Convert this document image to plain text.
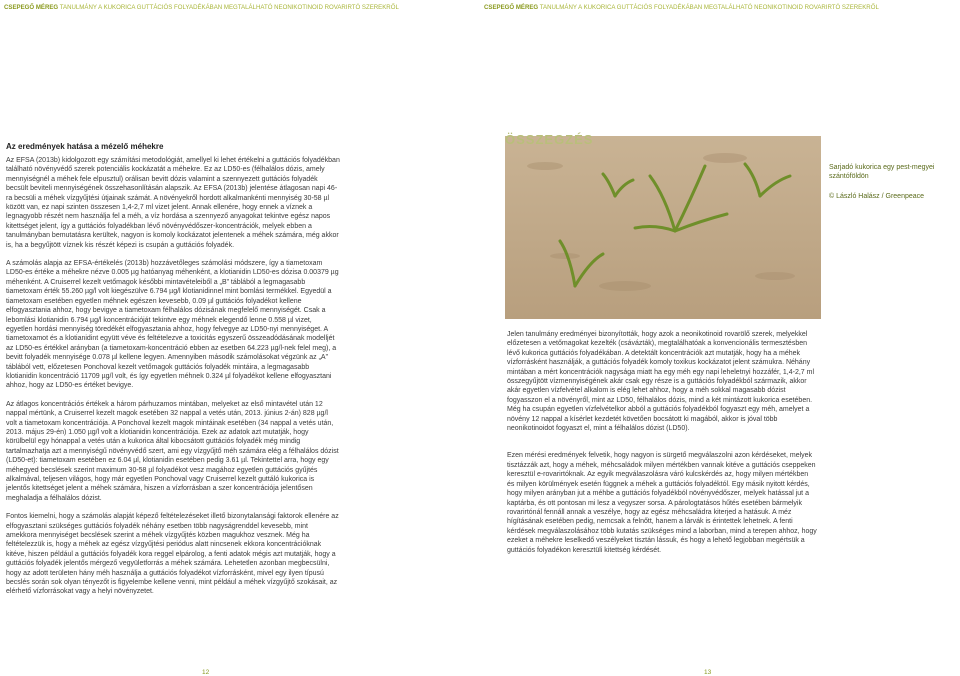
CSEPEGŐ MÉREG TANULMÁNY A KUKORICA GUTTÁCIÓS FOLYADÉKÁBAN MEGTALÁLHATÓ NEONIKOTINOID ROVARIRTÓ SZEREKRŐL	CSEPEGŐ MÉREG TANULMÁNY A KUKORICA GUTTÁCIÓS FOLYADÉKÁBAN MEGTALÁLHATÓ NEONIKOTINOID ROVARIRTÓ SZEREKRŐL
Az eredmények hatása a mézelő méhekre

Az EFSA (2013b) kidolgozott egy számítási metodológiát, amellyel ki lehet értékelni a guttációs folyadékban található növényvédő szerek potenciális kockázatát a méhekre. Ez az LD50-es (félhalálos dózis, amely mennyiségnél a méhek fele elpusztul) orálisan bevitt dózis valamint a szennyezett guttációs folyadék becsült beviteli mennyiségének összehasonlításán alapszik. Az EFSA (2013b) jelentése átlagosan napi 46-ra becsüli a méhek vízgyűjtési útjainak számát. A növényekről hordott alkalmankénti mennyiség 30-58 µl között van, ez napi szinten összesen 1,4-2,7 ml vizet jelent. Annak ellenére, hogy ennek a víznek a legnagyobb részét nem használja fel a méh, a víz hordása a szennyező anyagokat tekintve egész napos kitettséget jelent, így a guttációs folyadékban lévő növényvédőszer-koncentrációk, melyek ebben a tanulmányban bemutatásra kerültek, nagyon is komoly kockázatot jelentenek a méhek számára, még akkor is, ha a begyűjtött víznek kis részét képezi is csupán a guttációs folyadék.

A számolás alapja az EFSA-értékelés (2013b) hozzávetőleges számolási módszere, így a tiametoxam LD50-es értéke a méhekre nézve 0.005 µg hatóanyag méhenként, a klotianidin LD50-es dózisa 0.00379 µg méhenként. A Cruiserrel kezelt vetőmagok későbbi mintavételeiből a „B” táblából a legmagasabb tiametoxam érték 55.260 µg/l volt kiegészülve 6.794 µg/l klotianidinnel mint bomlási termékkel. Egyedül a tiametoxam esetében egyetlen méhnek egészen kevesebb, 0.09 µl guttációs folyadékot kellene elfogyasztania ahhoz, hogy bevigye a tiametoxam félhalálos dózisának megfelelő mennyiségét. Csak a lebomlási klotianidin 6.794 µg/l koncentrációját tekintve egy méhnek elegendő lenne 0.558 µl vizet, egyetlen hordási mennyiség töredékét elfogyasztania ahhoz, hogy felvegye az LD50-nyi mennyiséget. A tiametoxamot és a klotianidint együtt véve és feltételezve a toxicitás egyszerű összeadódásának modelljét az LD50-es értékkel arányban (a tiametoxam-koncentráció ebben az esetben 64.223 µg/l-nek felel meg), a bevitt folyadék mennyisége 0.078 µl kellene legyen. Amennyiben második számolásokat végzünk az „A” táblából vett, előzetesen Ponchoval kezelt vetőmagok guttációs folyadék mintáira, a legmagasabb klotianidin koncentráció 11709 µg/l volt, és így egyetlen méhnek 0.324 µl folyadékot kellene elfogyasztani ahhoz, hogy az LD50-es értéket bevigye.

Az átlagos koncentrációs értékek a három párhuzamos mintában, melyeket az első mintavétel után 12 nappal mértünk, a Cruiserrel kezelt magok esetében 32 nappal a vetés után, 2013. június 2-án) 828 µg/l volt a tiametoxam koncentrációja. A Ponchoval kezelt magok mintáinak esetében (34 nappal a vetés után, 2013. május 29-én) 1.050 µg/l volt a klotianidin koncentrációja. Ezek az adatok azt mutatják, hogy körülbelül egy hónappal a vetés után a kukorica által kibocsátott guttációs folyadék még mindig tartalmazhatja azt a mennyiségű növényvédő szert, ami egy vízgyűjtő méh számára elég a félhalálos dózist (LD50-et): tiametoxam esetében ez 6.04 µl, klotianidin esetében pedig 3.61 µl. Tekintettel arra, hogy egy méhegyed becslések szerint maximum 30-58 µl folyadékot vesz magához egyetlen guttációs gyűjtés alkalmával, teljesen világos, hogy már egyetlen Ponchoval vagy Cruiserrel kezelt guttáló kukorica is jelentős kitettséget jelent a méhek számára, hiszen a vízforrásban a szer koncentrációja jelentősen meghaladja a félhalálos dózist.

Fontos kiemelni, hogy a számolás alapját képező feltételezéseket illető bizonytalansági faktorok ellenére az elfogyasztani szükséges guttációs folyadék néhány esetben több nagyságrenddel kevesebb, mint amekkora mennyiséget becslések szerint a méhek vízgyűjtés közben magukhoz vesznek. Még ha feltételezzük is, hogy a méhek az egész vízgyűjtési periódus alatt nincsenek ekkora koncentrációknak kitéve, hiszen például a guttációs folyadék kora reggel elpárolog, a fenti adatok mégis azt mutatják, hogy a guttációs folyadék jelentős mérgező vegyületforrás a méhek számára. Lehetetlen azonban megbecsülni, hogy az adott területen hány méh használja a guttációs folyadékot vízforrásként, mivel egy ilyen típusú becslés során sok olyan tényezőt is figyelembe kellene venni, mint például a méhek vízgyűjtő szokásait, az elérhető vízforrásokat vagy a helyi növényzetet.

ÖSSZEGZÉS

Sarjadó kukorica egy pest-megyei szántóföldön

© László Halász / Greenpeace

Jelen tanulmány eredményei bizonyították, hogy azok a neonikotinoid rovarölő szerek, melyekkel előzetesen a vetőmagokat kezelték (csávázták), megtalálhatóak a konvencionális termesztésben lévő kukorica guttációs folyadékában. A detektált koncentrációk azt mutatják, hogy ha a méhek vízforrásként használják, a guttációs folyadék komoly toxikus kockázatot jelent számukra. Néhány mintában a mért koncentrációk nagysága miatt ha egy méh egy napi leheletnyi hozzáfér, 1,4-2,7 ml összegyűjtött vízmennyiségének akár csak egy része is a guttációs folyadékból származik, akkor akár egyetlen vízfelvétel alkalom is elég lehet ahhoz, hogy a méh sokkal magasabb dózist fogyasszon el a növényről, mint az LD50, félhalálos dózis, mind a két mintázott kukorica esetében. Még ha csupán egyetlen vízfelvételkor abból a guttációs folyadékból fogyaszt egy méh, amelyet a növény 12 nappal a kísérlet kezdetét követően bocsátott ki magából, akkor is jóval több neonikotinoidot fogyaszt el, mint a félhalálos dózist (LD50).

Ezen mérési eredmények felvetik, hogy nagyon is sürgető megválaszolni azon kérdéseket, melyek tisztázzák azt, hogy a méhek, méhcsaládok milyen mértékben vannak kitéve a guttációs cseppeken keresztül e-rovarirtóknak. Az egyik megválaszolásra váró kulcskérdés az, hogy milyen mértékben és milyen körülmények esetén függnek a méhek a guttációs folyadéktól. Egy másik nyitott kérdés, hogy milyen arányban jut a méhbe a guttációs folyadékból növényvédőszer, melyek hatással jut a kaptárba, és ott pontosan mi lesz a vegyszer sorsa. A párologtatásos hűtés esetében bármelyik rovarirtónál fennáll annak a veszélye, hogy az egész méhcsaládra kiterjed a hatásuk. A méz hígításának esetében pedig, nemcsak a felnőtt, hanem a lárvák is érintettek lehetnek. A fenti kérdések megválaszolásához több kutatás szükséges mind a laborban, mind a terepen ahhoz, hogy ezeket a méhekre leselkedő veszélyeket tisztán lássuk, és hogy a lehető legjobban megértsük a guttációs folyadékon keresztüli kitettség kérdését.

12	13
